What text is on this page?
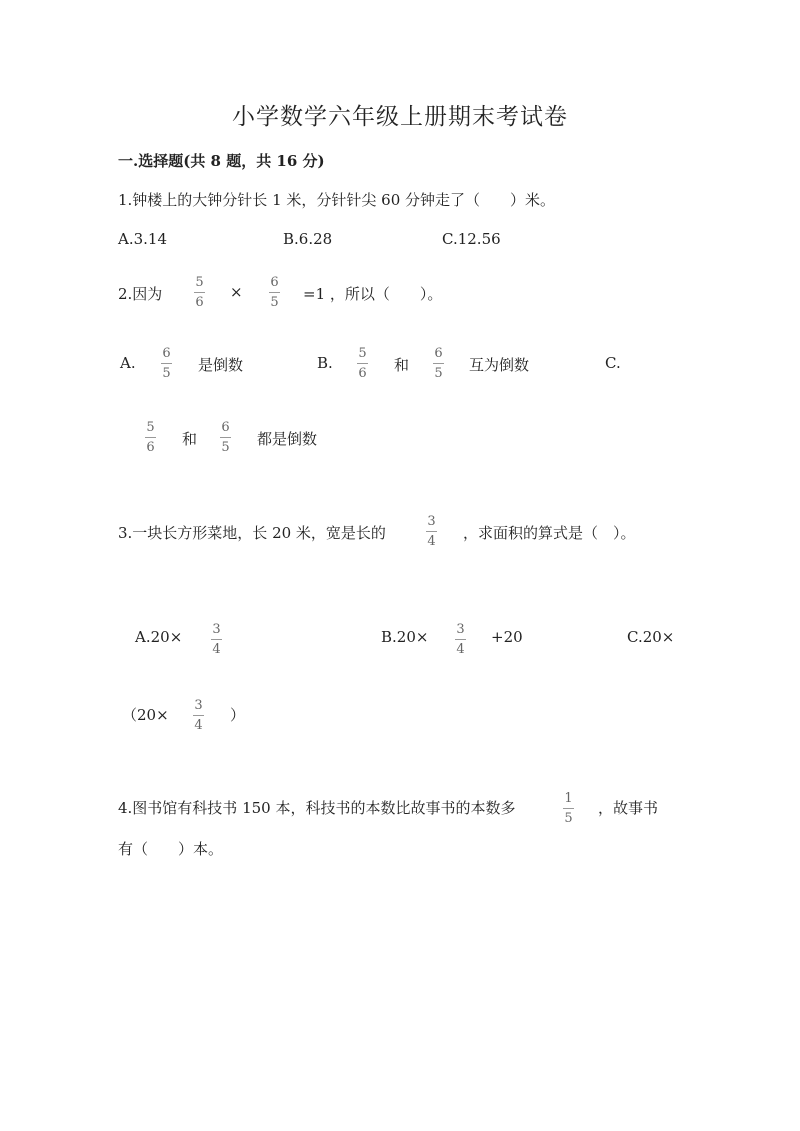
小学数学六年级上册期末考试卷
一.选择题(共 8 题，共 16 分)
1.钟楼上的大钟分针长 1 米，分针针尖 60 分钟走了（　　）米。
A.3.14	B.6.28	C.12.56
2.因为
5
6
×
6
5 =1 ，所以（　　）。
A.
6
5 是倒数	B.
5
6 和
6
5 互为倒数	C.
5
6 和
6
5 都是倒数
3.一块长方形菜地，长 20 米，宽是长的
3
4 ，求面积的算式是（　）。
A.20× 3
4
B.20× 3
4
+20	C.20×
（20×
3
4
）
4.图书馆有科技书 150 本，科技书的本数比故事书的本数多
1
5
，故事书
有（　　）本。
